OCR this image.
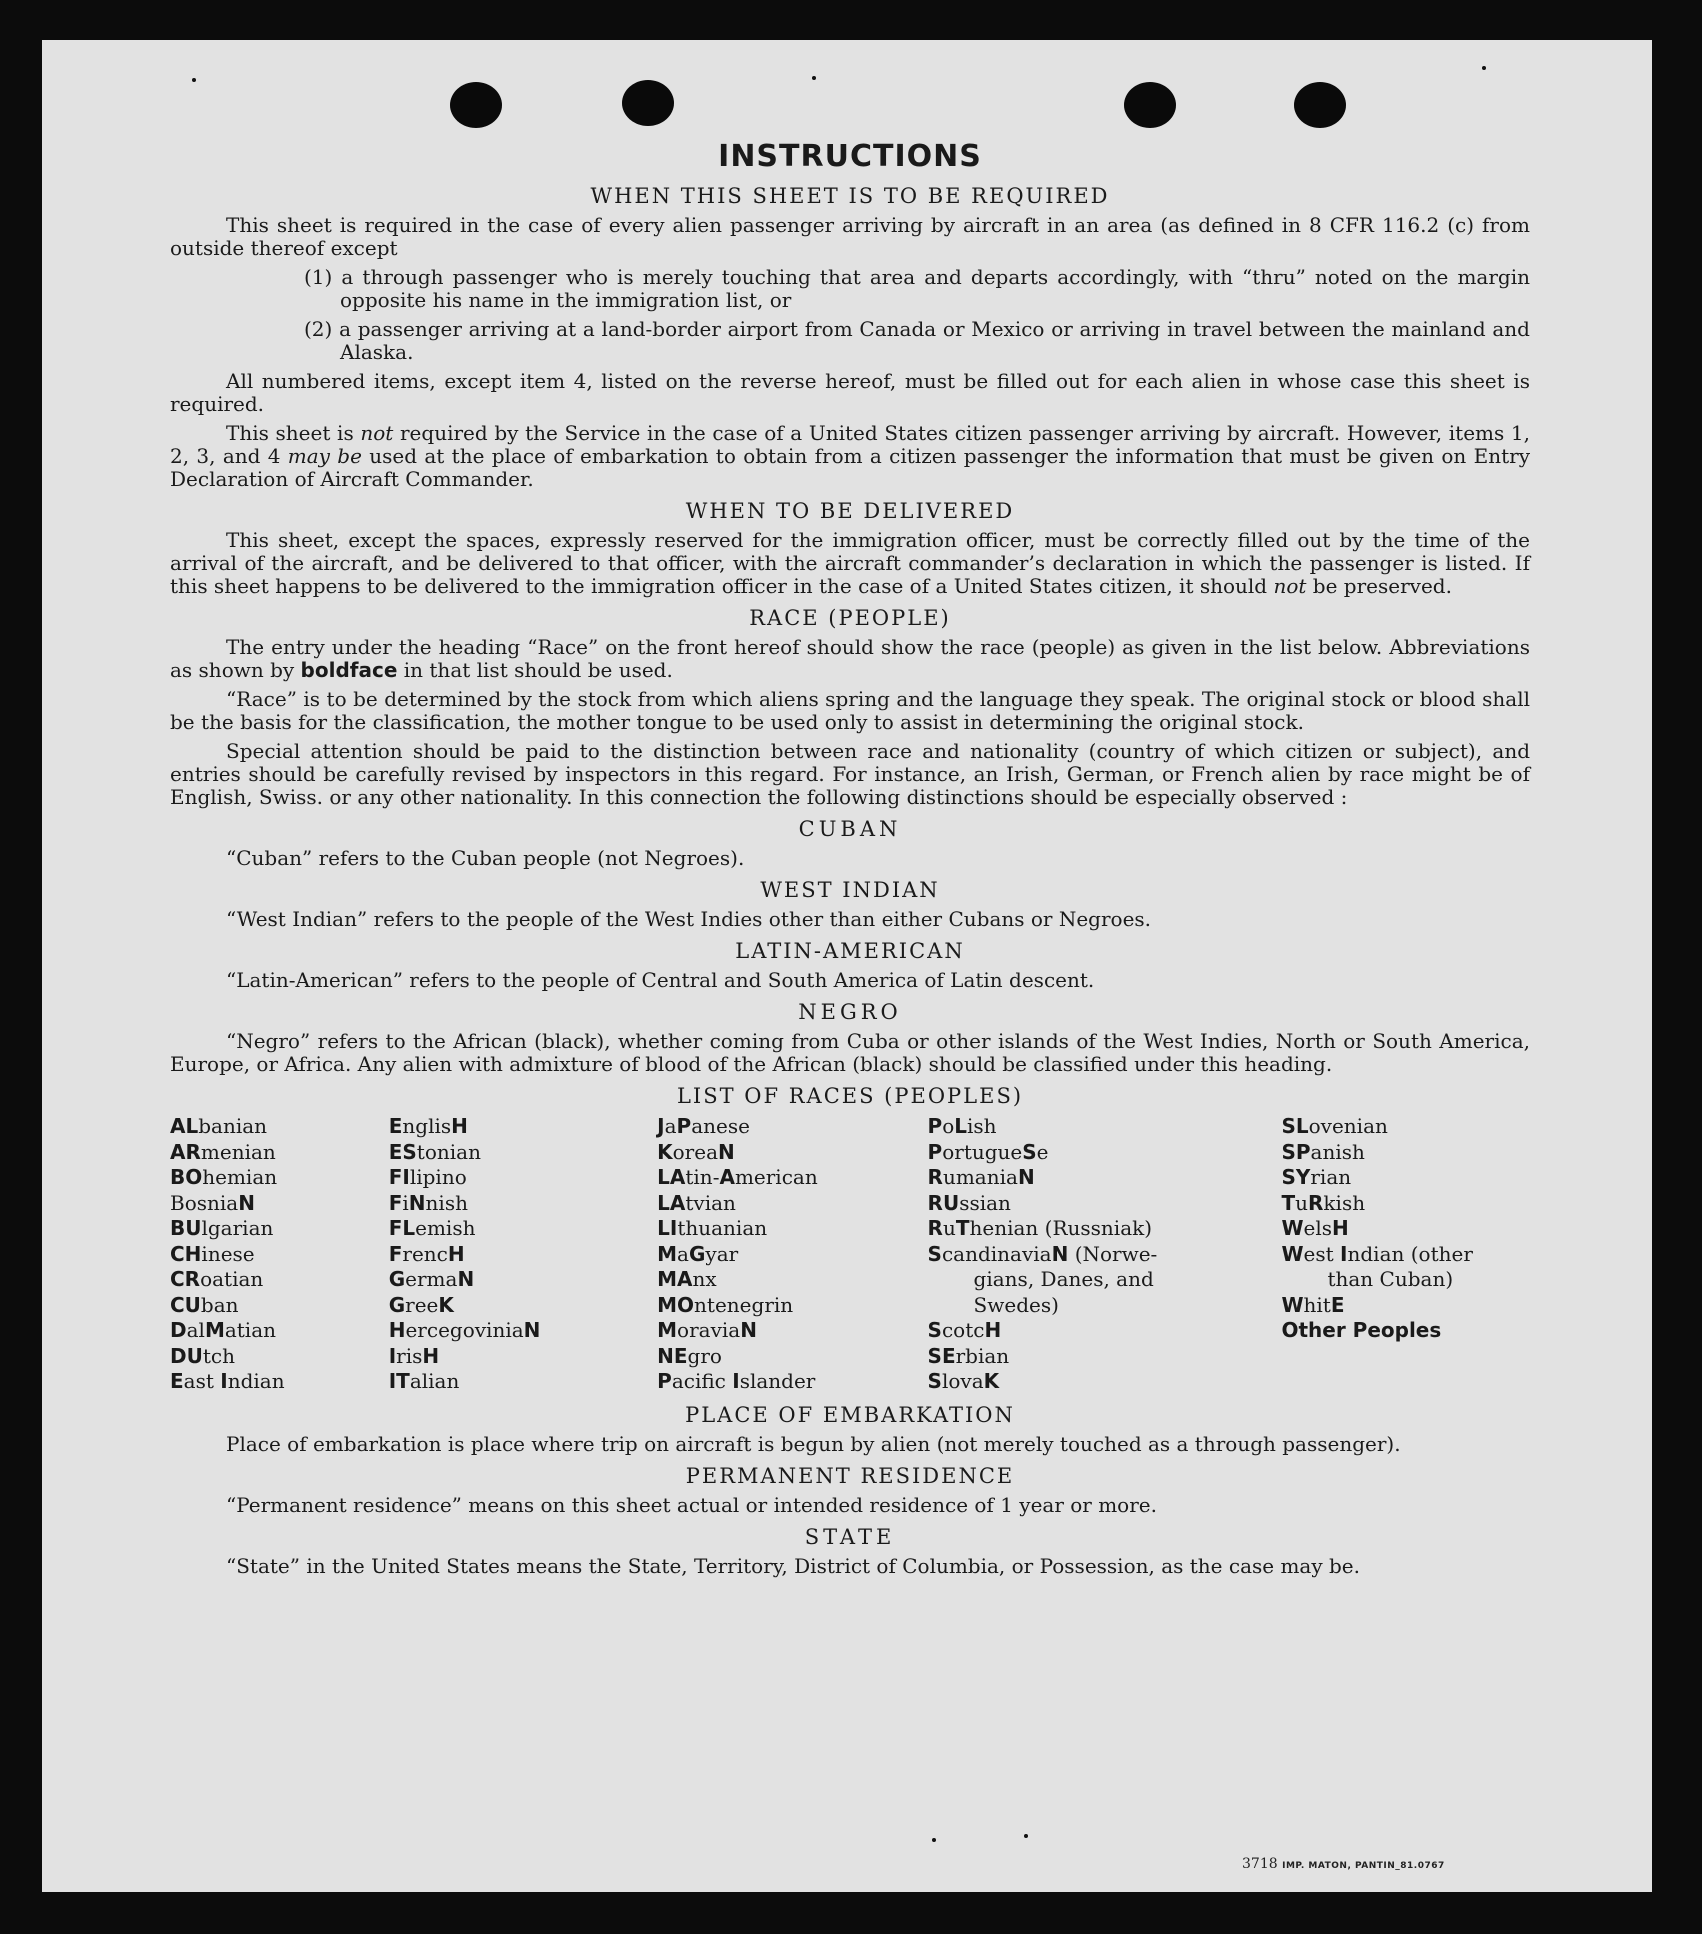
INSTRUCTIONS
WHEN THIS SHEET IS TO BE REQUIRED

This sheet is required in the case of every alien passenger arriving by aircraft in an area (as defined in 8 CFR 116.2 (c) from outside thereof except

(1) a through passenger who is merely touching that area and departs accordingly, with “thru” noted on the margin opposite his name in the immigration list, or
(2) a passenger arriving at a land-border airport from Canada or Mexico or arriving in travel between the mainland and Alaska.

All numbered items, except item 4, listed on the reverse hereof, must be filled out for each alien in whose case this sheet is required.

This sheet is not required by the Service in the case of a United States citizen passenger arriving by aircraft. However, items 1, 2, 3, and 4 may be used at the place of embarkation to obtain from a citizen passenger the information that must be given on Entry Declaration of Aircraft Commander.

WHEN TO BE DELIVERED

This sheet, except the spaces, expressly reserved for the immigration officer, must be correctly filled out by the time of the arrival of the aircraft, and be delivered to that officer, with the aircraft commander’s declaration in which the passenger is listed. If this sheet happens to be delivered to the immigration officer in the case of a United States citizen, it should not be preserved.

RACE (PEOPLE)

The entry under the heading “Race” on the front hereof should show the race (people) as given in the list below. Abbreviations as shown by boldface in that list should be used.

“Race” is to be determined by the stock from which aliens spring and the language they speak. The original stock or blood shall be the basis for the classification, the mother tongue to be used only to assist in determining the original stock.

Special attention should be paid to the distinction between race and nationality (country of which citizen or subject), and entries should be carefully revised by inspectors in this regard. For instance, an Irish, German, or French alien by race might be of English, Swiss. or any other nationality. In this connection the following distinctions should be especially observed :

CUBAN

“Cuban” refers to the Cuban people (not Negroes).

WEST INDIAN

“West Indian” refers to the people of the West Indies other than either Cubans or Negroes.

LATIN-AMERICAN

“Latin-American” refers to the people of Central and South America of Latin descent.

NEGRO

“Negro” refers to the African (black), whether coming from Cuba or other islands of the West Indies, North or South America, Europe, or Africa. Any alien with admixture of blood of the African (black) should be classified under this heading.

LIST OF RACES (PEOPLES)
ALbanian
ARmenian
BOhemian
BosniaN
BUlgarian
CHinese
CRoatian
CUban
DalMatian
DUtch
East Indian
EnglisH
EStonian
FIlipino
FiNnish
FLemish
FrencH
GermaN
GreeK
HercegoviniaN
IrisH
ITalian
JaPanese
KoreaN
LAtin-American
LAtvian
LIthuanian
MaGyar
MAnx
MOntenegrin
MoraviaN
NEgro
Pacific Islander
PoLish
PortugueSe
RumaniaN
RUssian
RuThenian (Russniak)
ScandinaviaN (Norwe-
gians, Danes, and
Swedes)
ScotcH
SErbian
SlovaK
SLovenian
SPanish
SYrian
TuRkish
WelsH
West Indian (other
than Cuban)
WhitE
Other Peoples
PLACE OF EMBARKATION

Place of embarkation is place where trip on aircraft is begun by alien (not merely touched as a through passenger).

PERMANENT RESIDENCE

“Permanent residence” means on this sheet actual or intended residence of 1 year or more.

STATE

“State” in the United States means the State, Territory, District of Columbia, or Possession, as the case may be.

3718 IMP. MATON, PANTIN_81.0767
